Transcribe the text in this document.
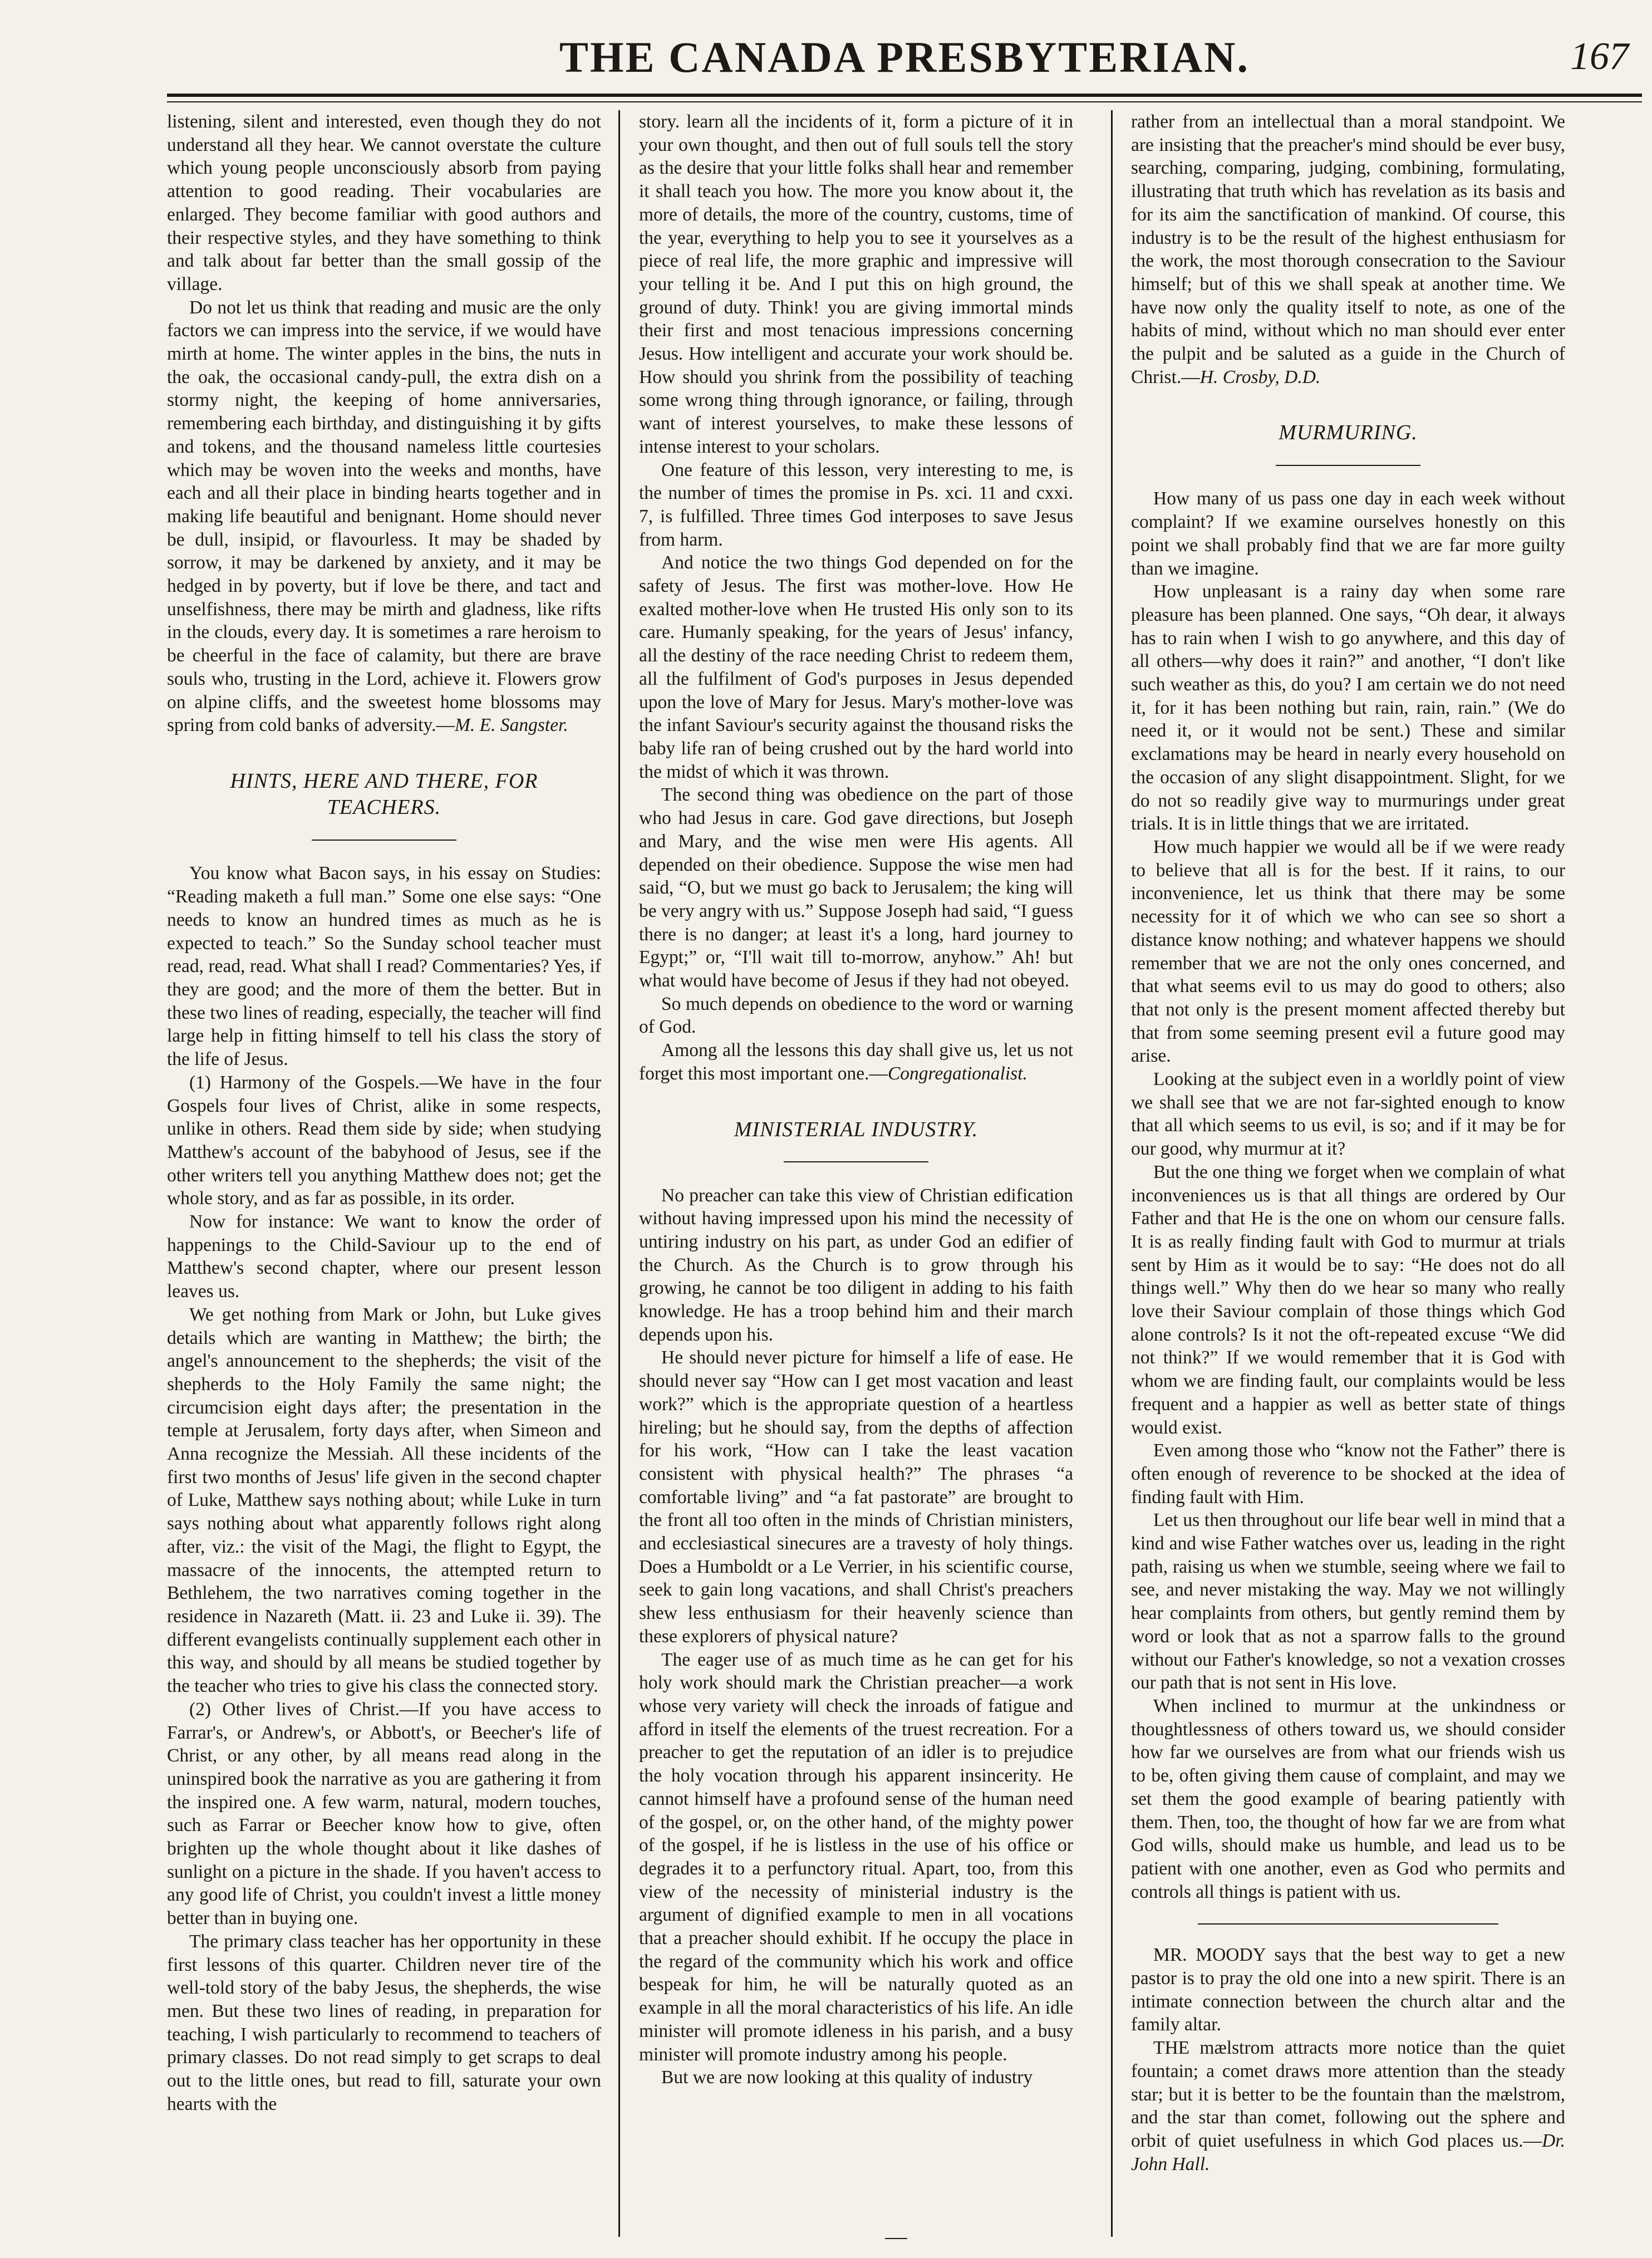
THE CANADA PRESBYTERIAN.	167

listening, silent and interested, even though they do not understand all they hear. We cannot overstate the culture which young people unconsciously absorb from paying attention to good reading. Their vocabularies are enlarged. They become familiar with good authors and their respective styles, and they have something to think and talk about far better than the small gossip of the village.

Do not let us think that reading and music are the only factors we can impress into the service, if we would have mirth at home. The winter apples in the bins, the nuts in the oak, the occasional candy-pull, the extra dish on a stormy night, the keeping of home anniversaries, remembering each birthday, and distinguishing it by gifts and tokens, and the thousand nameless little courtesies which may be woven into the weeks and months, have each and all their place in binding hearts together and in making life beautiful and benignant. Home should never be dull, insipid, or flavourless. It may be shaded by sorrow, it may be darkened by anxiety, and it may be hedged in by poverty, but if love be there, and tact and unselfishness, there may be mirth and gladness, like rifts in the clouds, every day. It is sometimes a rare heroism to be cheerful in the face of calamity, but there are brave souls who, trusting in the Lord, achieve it. Flowers grow on alpine cliffs, and the sweetest home blossoms may spring from cold banks of adversity.—M. E. Sangster.

HINTS, HERE AND THERE, FOR TEACHERS.

You know what Bacon says, in his essay on Studies: “Reading maketh a full man.” Some one else says: “One needs to know an hundred times as much as he is expected to teach.” So the Sunday school teacher must read, read, read. What shall I read? Commentaries? Yes, if they are good; and the more of them the better. But in these two lines of reading, especially, the teacher will find large help in fitting himself to tell his class the story of the life of Jesus.

(1) Harmony of the Gospels.—We have in the four Gospels four lives of Christ, alike in some respects, unlike in others. Read them side by side; when studying Matthew's account of the babyhood of Jesus, see if the other writers tell you anything Matthew does not; get the whole story, and as far as possible, in its order.

Now for instance: We want to know the order of happenings to the Child-Saviour up to the end of Matthew's second chapter, where our present lesson leaves us.

We get nothing from Mark or John, but Luke gives details which are wanting in Matthew; the birth; the angel's announcement to the shepherds; the visit of the shepherds to the Holy Family the same night; the circumcision eight days after; the presentation in the temple at Jerusalem, forty days after, when Simeon and Anna recognize the Messiah. All these incidents of the first two months of Jesus' life given in the second chapter of Luke, Matthew says nothing about; while Luke in turn says nothing about what apparently follows right along after, viz.: the visit of the Magi, the flight to Egypt, the massacre of the innocents, the attempted return to Bethlehem, the two narratives coming together in the residence in Nazareth (Matt. ii. 23 and Luke ii. 39). The different evangelists continually supplement each other in this way, and should by all means be studied together by the teacher who tries to give his class the connected story.

(2) Other lives of Christ.—If you have access to Farrar's, or Andrew's, or Abbott's, or Beecher's life of Christ, or any other, by all means read along in the uninspired book the narrative as you are gathering it from the inspired one. A few warm, natural, modern touches, such as Farrar or Beecher know how to give, often brighten up the whole thought about it like dashes of sunlight on a picture in the shade. If you haven't access to any good life of Christ, you couldn't invest a little money better than in buying one.

The primary class teacher has her opportunity in these first lessons of this quarter. Children never tire of the well-told story of the baby Jesus, the shepherds, the wise men. But these two lines of reading, in preparation for teaching, I wish particularly to recommend to teachers of primary classes. Do not read simply to get scraps to deal out to the little ones, but read to fill, saturate your own hearts with the

story. learn all the incidents of it, form a picture of it in your own thought, and then out of full souls tell the story as the desire that your little folks shall hear and remember it shall teach you how. The more you know about it, the more of details, the more of the country, customs, time of the year, everything to help you to see it yourselves as a piece of real life, the more graphic and impressive will your telling it be. And I put this on high ground, the ground of duty. Think! you are giving immortal minds their first and most tenacious impressions concerning Jesus. How intelligent and accurate your work should be. How should you shrink from the possibility of teaching some wrong thing through ignorance, or failing, through want of interest yourselves, to make these lessons of intense interest to your scholars.

One feature of this lesson, very interesting to me, is the number of times the promise in Ps. xci. 11 and cxxi. 7, is fulfilled. Three times God interposes to save Jesus from harm.

And notice the two things God depended on for the safety of Jesus. The first was mother-love. How He exalted mother-love when He trusted His only son to its care. Humanly speaking, for the years of Jesus' infancy, all the destiny of the race needing Christ to redeem them, all the fulfilment of God's purposes in Jesus depended upon the love of Mary for Jesus. Mary's mother-love was the infant Saviour's security against the thousand risks the baby life ran of being crushed out by the hard world into the midst of which it was thrown.

The second thing was obedience on the part of those who had Jesus in care. God gave directions, but Joseph and Mary, and the wise men were His agents. All depended on their obedience. Suppose the wise men had said, “O, but we must go back to Jerusalem; the king will be very angry with us.” Suppose Joseph had said, “I guess there is no danger; at least it's a long, hard journey to Egypt;” or, “I'll wait till to-morrow, anyhow.” Ah! but what would have become of Jesus if they had not obeyed.

So much depends on obedience to the word or warning of God.

Among all the lessons this day shall give us, let us not forget this most important one.—Congregationalist.

MINISTERIAL INDUSTRY.

No preacher can take this view of Christian edification without having impressed upon his mind the necessity of untiring industry on his part, as under God an edifier of the Church. As the Church is to grow through his growing, he cannot be too diligent in adding to his faith knowledge. He has a troop behind him and their march depends upon his.

He should never picture for himself a life of ease. He should never say “How can I get most vacation and least work?” which is the appropriate question of a heartless hireling; but he should say, from the depths of affection for his work, “How can I take the least vacation consistent with physical health?” The phrases “a comfortable living” and “a fat pastorate” are brought to the front all too often in the minds of Christian ministers, and ecclesiastical sinecures are a travesty of holy things. Does a Humboldt or a Le Verrier, in his scientific course, seek to gain long vacations, and shall Christ's preachers shew less enthusiasm for their heavenly science than these explorers of physical nature?

The eager use of as much time as he can get for his holy work should mark the Christian preacher—a work whose very variety will check the inroads of fatigue and afford in itself the elements of the truest recreation. For a preacher to get the reputation of an idler is to prejudice the holy vocation through his apparent insincerity. He cannot himself have a profound sense of the human need of the gospel, or, on the other hand, of the mighty power of the gospel, if he is listless in the use of his office or degrades it to a perfunctory ritual. Apart, too, from this view of the necessity of ministerial industry is the argument of dignified example to men in all vocations that a preacher should exhibit. If he occupy the place in the regard of the community which his work and office bespeak for him, he will be naturally quoted as an example in all the moral characteristics of his life. An idle minister will promote idleness in his parish, and a busy minister will promote industry among his people.

But we are now looking at this quality of industry

rather from an intellectual than a moral standpoint. We are insisting that the preacher's mind should be ever busy, searching, comparing, judging, combining, formulating, illustrating that truth which has revelation as its basis and for its aim the sanctification of mankind. Of course, this industry is to be the result of the highest enthusiasm for the work, the most thorough consecration to the Saviour himself; but of this we shall speak at another time. We have now only the quality itself to note, as one of the habits of mind, without which no man should ever enter the pulpit and be saluted as a guide in the Church of Christ.—H. Crosby, D.D.

MURMURING.

How many of us pass one day in each week without complaint? If we examine ourselves honestly on this point we shall probably find that we are far more guilty than we imagine.

How unpleasant is a rainy day when some rare pleasure has been planned. One says, “Oh dear, it always has to rain when I wish to go anywhere, and this day of all others—why does it rain?” and another, “I don't like such weather as this, do you? I am certain we do not need it, for it has been nothing but rain, rain, rain.” (We do need it, or it would not be sent.) These and similar exclamations may be heard in nearly every household on the occasion of any slight disappointment. Slight, for we do not so readily give way to murmurings under great trials. It is in little things that we are irritated.

How much happier we would all be if we were ready to believe that all is for the best. If it rains, to our inconvenience, let us think that there may be some necessity for it of which we who can see so short a distance know nothing; and whatever happens we should remember that we are not the only ones concerned, and that what seems evil to us may do good to others; also that not only is the present moment affected thereby but that from some seeming present evil a future good may arise.

Looking at the subject even in a worldly point of view we shall see that we are not far-sighted enough to know that all which seems to us evil, is so; and if it may be for our good, why murmur at it?

But the one thing we forget when we complain of what inconveniences us is that all things are ordered by Our Father and that He is the one on whom our censure falls. It is as really finding fault with God to murmur at trials sent by Him as it would be to say: “He does not do all things well.” Why then do we hear so many who really love their Saviour complain of those things which God alone controls? Is it not the oft-repeated excuse “We did not think?” If we would remember that it is God with whom we are finding fault, our complaints would be less frequent and a happier as well as better state of things would exist.

Even among those who “know not the Father” there is often enough of reverence to be shocked at the idea of finding fault with Him.

Let us then throughout our life bear well in mind that a kind and wise Father watches over us, leading in the right path, raising us when we stumble, seeing where we fail to see, and never mistaking the way. May we not willingly hear complaints from others, but gently remind them by word or look that as not a sparrow falls to the ground without our Father's knowledge, so not a vexation crosses our path that is not sent in His love.

When inclined to murmur at the unkindness or thoughtlessness of others toward us, we should consider how far we ourselves are from what our friends wish us to be, often giving them cause of complaint, and may we set them the good example of bearing patiently with them. Then, too, the thought of how far we are from what God wills, should make us humble, and lead us to be patient with one another, even as God who permits and controls all things is patient with us.

MR. MOODY says that the best way to get a new pastor is to pray the old one into a new spirit. There is an intimate connection between the church altar and the family altar.

THE mælstrom attracts more notice than the quiet fountain; a comet draws more attention than the steady star; but it is better to be the fountain than the mælstrom, and the star than comet, following out the sphere and orbit of quiet usefulness in which God places us.—Dr. John Hall.
